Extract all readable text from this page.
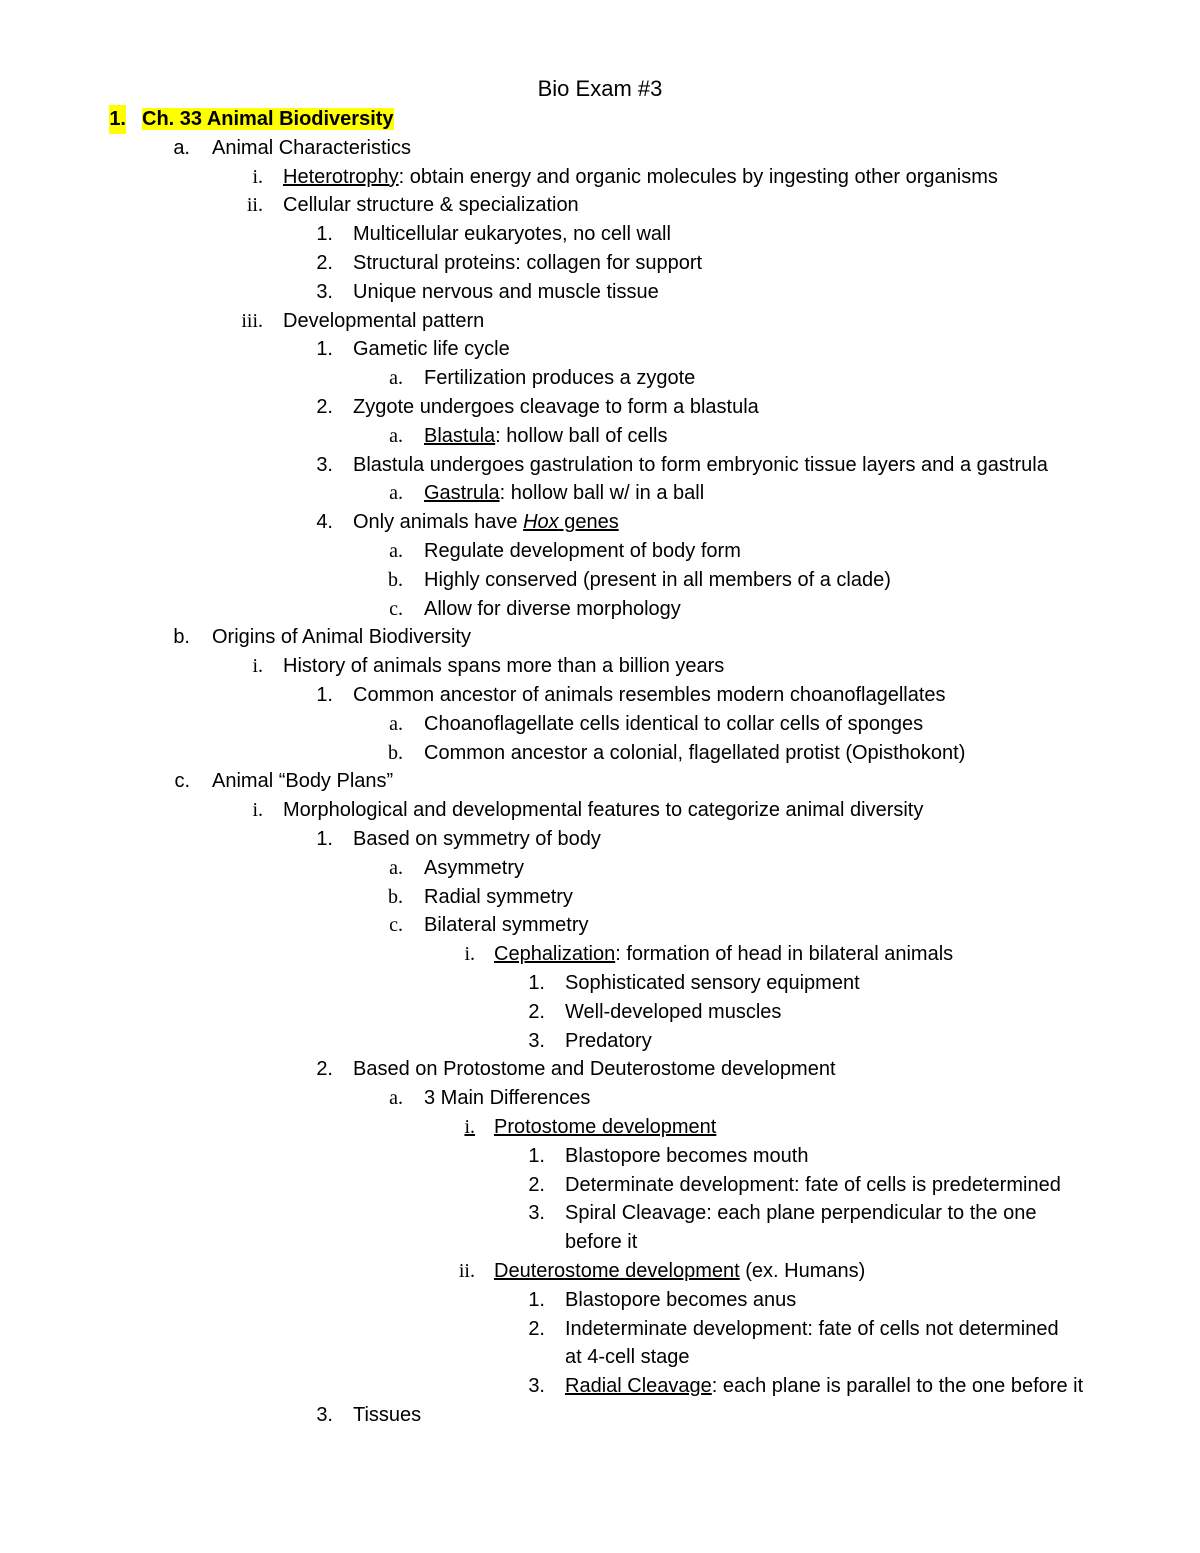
Bio Exam #3
1. Ch. 33 Animal Biodiversity
a. Animal Characteristics
i. Heterotrophy: obtain energy and organic molecules by ingesting other organisms
ii. Cellular structure & specialization
1. Multicellular eukaryotes, no cell wall
2. Structural proteins: collagen for support
3. Unique nervous and muscle tissue
iii. Developmental pattern
1. Gametic life cycle
a. Fertilization produces a zygote
2. Zygote undergoes cleavage to form a blastula
a. Blastula: hollow ball of cells
3. Blastula undergoes gastrulation to form embryonic tissue layers and a gastrula
a. Gastrula: hollow ball w/ in a ball
4. Only animals have Hox genes
a. Regulate development of body form
b. Highly conserved (present in all members of a clade)
c. Allow for diverse morphology
b. Origins of Animal Biodiversity
i. History of animals spans more than a billion years
1. Common ancestor of animals resembles modern choanoflagellates
a. Choanoflagellate cells identical to collar cells of sponges
b. Common ancestor a colonial, flagellated protist (Opisthokont)
c. Animal “Body Plans”
i. Morphological and developmental features to categorize animal diversity
1. Based on symmetry of body
a. Asymmetry
b. Radial symmetry
c. Bilateral symmetry
i. Cephalization: formation of head in bilateral animals
1. Sophisticated sensory equipment
2. Well-developed muscles
3. Predatory
2. Based on Protostome and Deuterostome development
a. 3 Main Differences
i. Protostome development
1. Blastopore becomes mouth
2. Determinate development: fate of cells is predetermined
3. Spiral Cleavage: each plane perpendicular to the one
before it
ii. Deuterostome development (ex. Humans)
1. Blastopore becomes anus
2. Indeterminate development: fate of cells not determined
at 4-cell stage
3. Radial Cleavage: each plane is parallel to the one before it
3. Tissues
